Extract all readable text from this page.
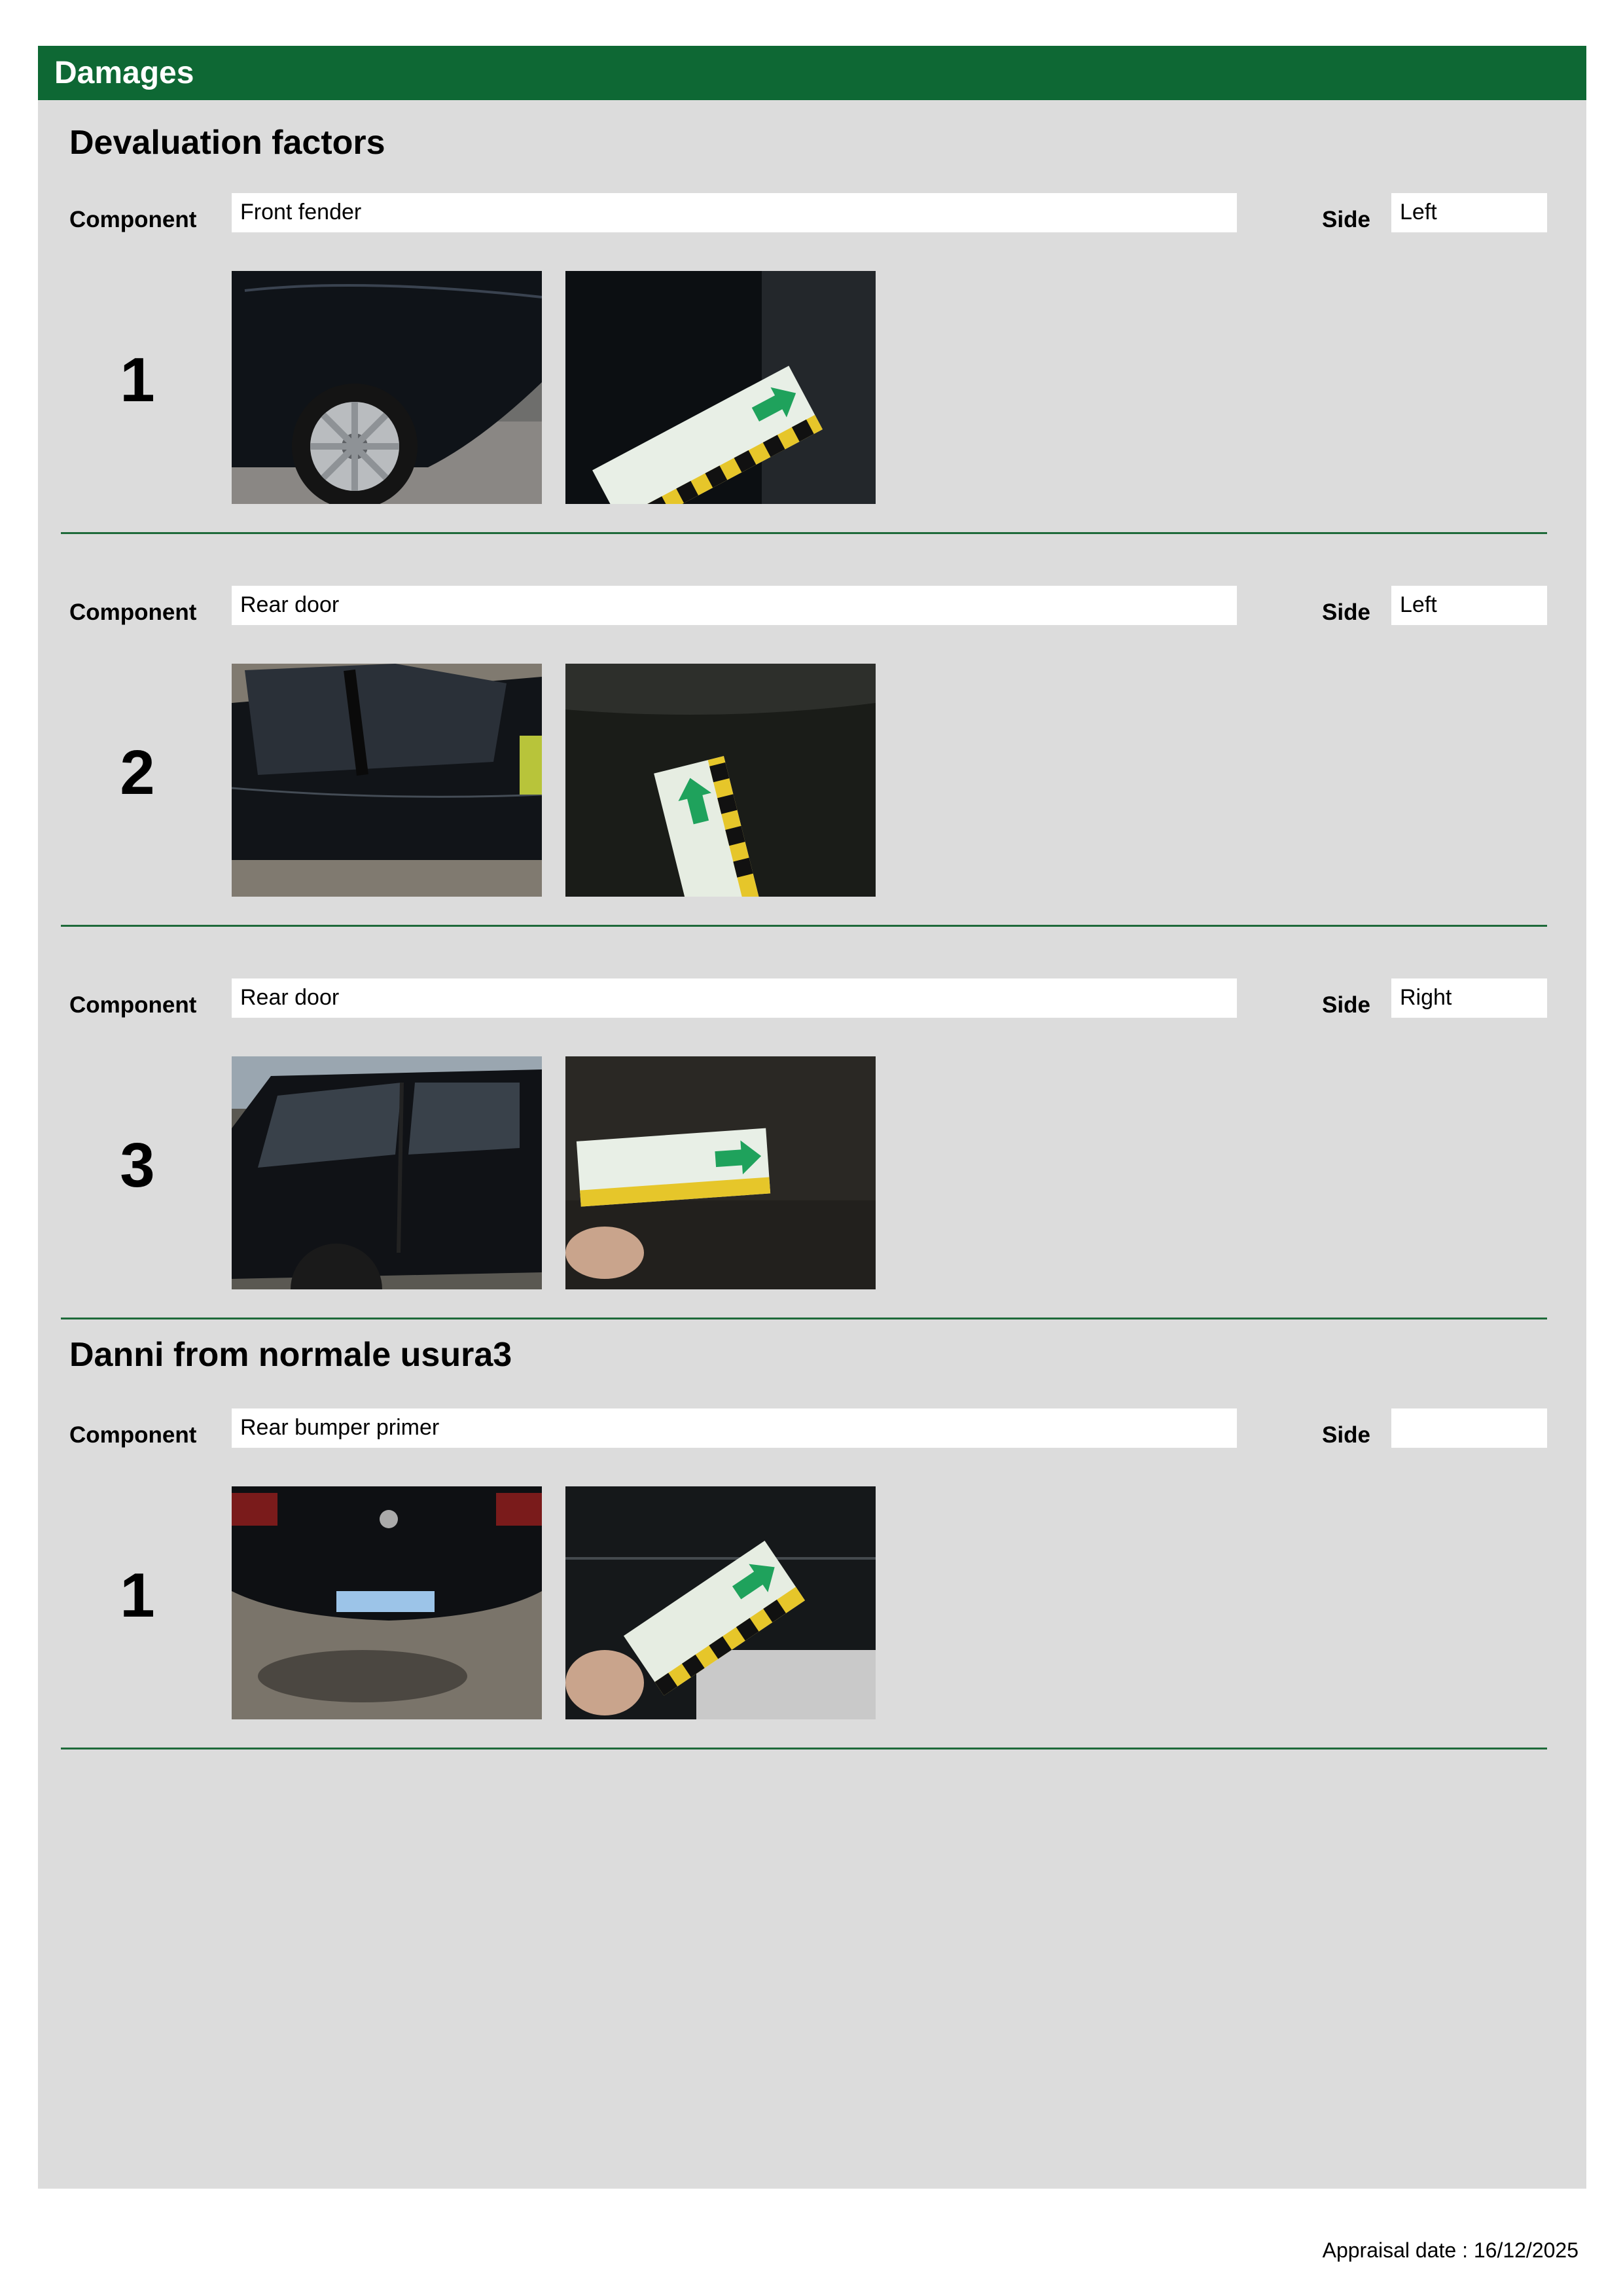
Damages
Devaluation factors
Component	Front fender	Side	Left
1
Component	Rear door	Side	Left
2
Component	Rear door	Side	Right
3
Danni from normale usura3
Component	Rear bumper primer	Side
1
Appraisal date : 16/12/2025
